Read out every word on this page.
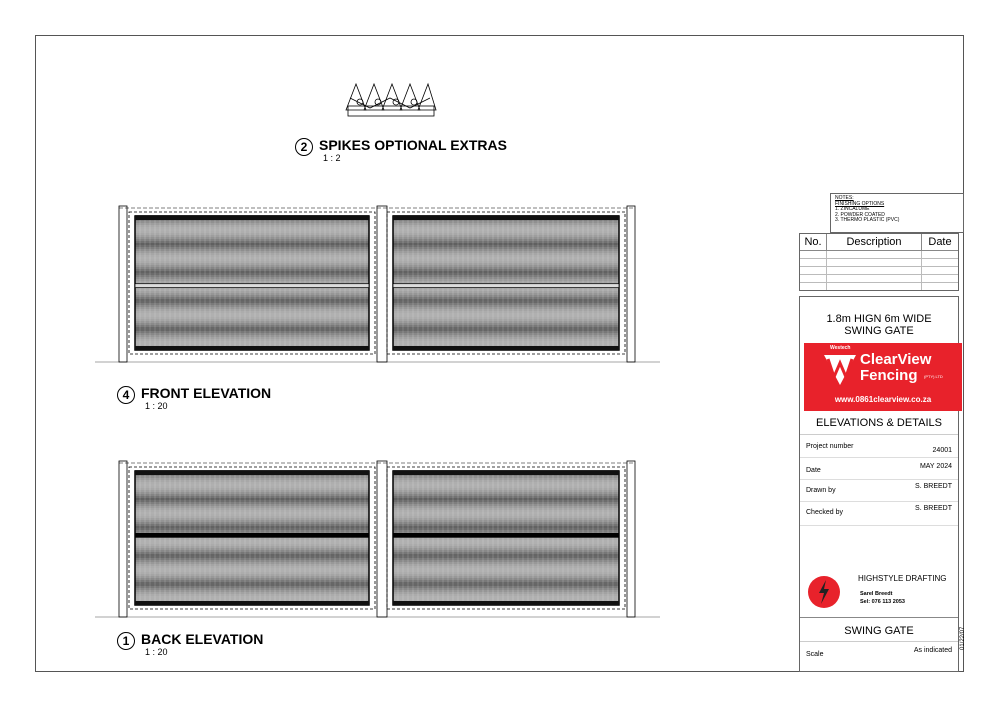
2 SPIKES OPTIONAL EXTRAS
1 : 2
4 FRONT ELEVATION
1 : 20
1 BACK ELEVATION
1 : 20
NOTES:
FINISHING OPTIONS
1. ZINCALUME
2. POWDER COATED
3. THERMO PLASTIC (PVC)
No.	Description	Date
1.8m HIGN 6m WIDE
SWING GATE
Westech
ClearView
Fencing (PTY) LTD
www.0861clearview.co.za
ELEVATIONS & DETAILS
Project number
24001
Date
MAY 2024
Drawn by
S. BREEDT
Checked by
S. BREEDT
HIGHSTYLE DRAFTING
Sarel Breedt
Sel: 076 113 2053
SWING GATE
Scale
As indicated
01/22/07
